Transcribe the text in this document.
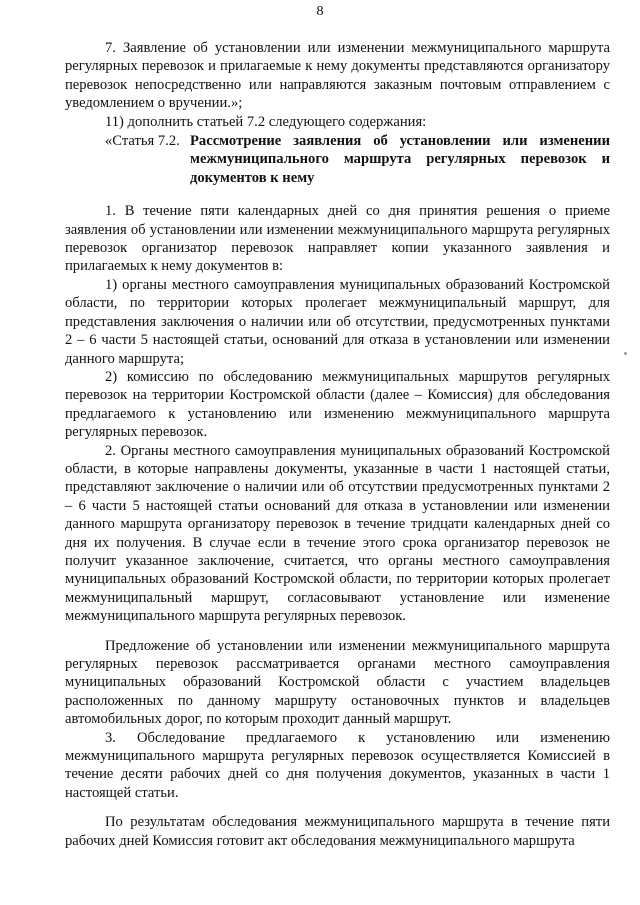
8

7. Заявление об установлении или изменении межмуниципального маршрута регулярных перевозок и прилагаемые к нему документы представляются организатору перевозок непосредственно или направляются заказным почтовым отправлением с уведомлением о вручении.»;

11) дополнить статьей 7.2 следующего содержания:

«Статья 7.2. Рассмотрение заявления об установлении или изменении межмуниципального маршрута регулярных перевозок и документов к нему

1. В течение пяти календарных дней со дня принятия решения о приеме заявления об установлении или изменении межмуниципального маршрута регулярных перевозок организатор перевозок направляет копии указанного заявления и прилагаемых к нему документов в:

1) органы местного самоуправления муниципальных образований Костромской области, по территории которых пролегает межмуниципальный маршрут, для представления заключения о наличии или об отсутствии, предусмотренных пунктами 2 – 6 части 5 настоящей статьи, оснований для отказа в установлении или изменении данного маршрута;

2) комиссию по обследованию межмуниципальных маршрутов регулярных перевозок на территории Костромской области (далее – Комиссия) для обследования предлагаемого к установлению или изменению межмуниципального маршрута регулярных перевозок.

2. Органы местного самоуправления муниципальных образований Костромской области, в которые направлены документы, указанные в части 1 настоящей статьи, представляют заключение о наличии или об отсутствии предусмотренных пунктами 2 – 6 части 5 настоящей статьи оснований для отказа в установлении или изменении данного маршрута организатору перевозок в течение тридцати календарных дней со дня их получения. В случае если в течение этого срока организатор перевозок не получит указанное заключение, считается, что органы местного самоуправления муниципальных образований Костромской области, по территории которых пролегает межмуниципальный маршрут, согласовывают установление или изменение межмуниципального маршрута регулярных перевозок.

Предложение об установлении или изменении межмуниципального маршрута регулярных перевозок рассматривается органами местного самоуправления муниципальных образований Костромской области с участием владельцев расположенных по данному маршруту остановочных пунктов и владельцев автомобильных дорог, по которым проходит данный маршрут.

3. Обследование предлагаемого к установлению или изменению межмуниципального маршрута регулярных перевозок осуществляется Комиссией в течение десяти рабочих дней со дня получения документов, указанных в части 1 настоящей статьи.

По результатам обследования межмуниципального маршрута в течение пяти рабочих дней Комиссия готовит акт обследования межмуниципального маршрута
